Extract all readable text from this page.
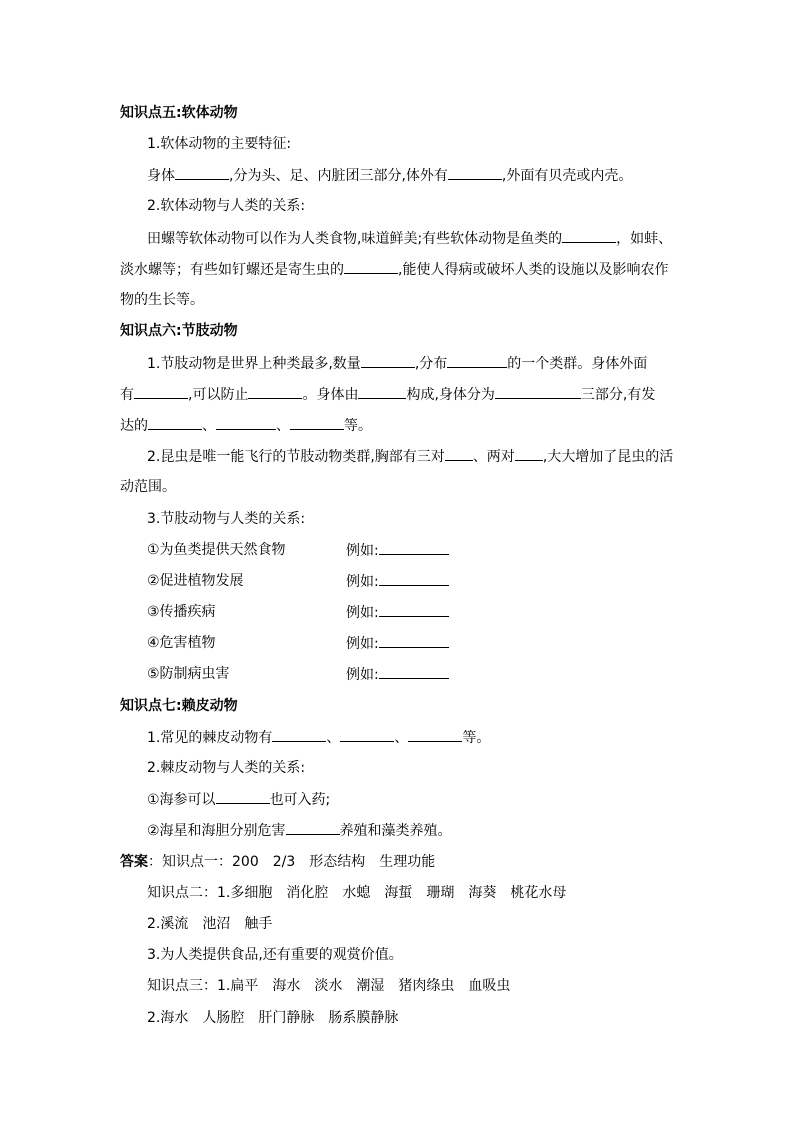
知识点五:软体动物
1.软体动物的主要特征:
身体	,分为头、足、内脏团三部分,体外有	,外面有贝壳或内壳。
2.软体动物与人类的关系:
田螺等软体动物可以作为人类食物,味道鲜美;有些软体动物是鱼类的	，如蚌、
淡水螺等；有些如钉螺还是寄生虫的	,能使人得病或破坏人类的设施以及影响农作
物的生长等。
知识点六:节肢动物
1.节肢动物是世界上种类最多,数量	,分布	的一个类群。身体外面
有	,可以防止	。身体由	构成,身体分为	三部分,有发
达的	、	、	等。
2.昆虫是唯一能飞行的节肢动物类群,胸部有三对 、两对 ,大大增加了昆虫的活
动范围。
3.节肢动物与人类的关系:
①为鱼类提供天然食物	例如:
②促进植物发展	例如:
③传播疾病	例如:
④危害植物	例如:
⑤防制病虫害	例如:
知识点七:赖皮动物
1.常见的棘皮动物有	、	、	等。
2.棘皮动物与人类的关系:
①海参可以	也可入药;
②海星和海胆分别危害	养殖和藻类养殖。
答案：知识点一：200　2/3　形态结构　生理功能
知识点二：1.多细胞　消化腔　水螅　海蜇　珊瑚　海葵　桃花水母
2.溪流　池沼　触手
3.为人类提供食品,还有重要的观赏价值。
知识点三：1.扁平　海水　淡水　潮湿　猪肉绦虫　血吸虫
2.海水　人肠腔　肝门静脉　肠系膜静脉
